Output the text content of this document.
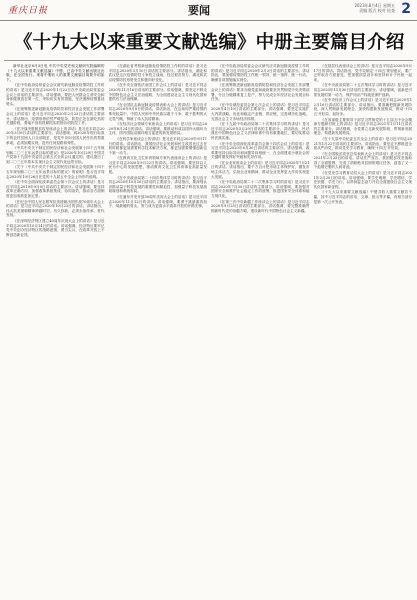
重庆日报	要闻	2023年8月4日 星期五
责编 版式 校对 检查 2
《十九大以来重要文献选编》中册主要篇目介绍

新华社北京8月3日电 中共中央党史和文献研究院编辑的《十九大以来重要文献选编》中册，已由中央文献出版社出版，在全国发行。现将中册收入的重要文献篇目简要介绍如下。

《在中央政治局常委会会议研究新冠肺炎疫情防控工作时的讲话》是习近平同志2020年1月22日在中央政治局常委会会议上讲话的主要部分。讲话强调，要把人民群众生命安全和身体健康放在第一位，采取切实有效措施，坚决遏制疫情蔓延势头。

《在统筹推进新冠肺炎疫情防控和经济社会发展工作部署会议上的讲话》是习近平同志2020年2月23日讲话的主要部分。讲话指出，疫情形势依然严峻复杂，防控正处在最吃劲的关键阶段，要毫不放松抓紧抓实抓细各项防控工作。

《在决战决胜脱贫攻坚座谈会上的讲话》是习近平同志2020年3月6日讲话的主要部分。讲话强调，到2020年现行标准下的农村贫困人口全部脱贫，是党中央向全国人民作出的郑重承诺，必须如期实现，没有任何退路和弹性。

《中共中央关于制定国民经济和社会发展第十四个五年规划和二〇三五年远景目标的建议》是2020年10月29日中国共产党第十九届中央委员会第五次全体会议通过的。建议提出了到二〇三五年基本实现社会主义现代化远景目标。

《关于〈中共中央关于制定国民经济和社会发展第十四个五年规划和二〇三五年远景目标的建议〉的说明》是习近平同志2020年10月26日在党的十九届五中全会上所作的说明。

《在中央全面深化改革委员会第十次会议上的讲话》是习近平同志2019年9月9日讲话的主要部分。讲话强调，要坚持改革正确方向，加强改革系统集成、协同高效，推动各方面制度更加成熟更加定型。

《在纪念中国人民志愿军抗美援朝出国作战70周年大会上的讲话》是习近平同志2020年10月23日的讲话。讲话指出，伟大抗美援朝精神跨越时空、历久弥新，必须永续传承、世代发扬。

《在深圳经济特区建立40周年庆祝大会上的讲话》是习近平同志2020年10月14日的讲话。讲话强调，经济特区要牢记党中央创办经济特区的战略意图，勇当尖兵，在改革开放上不断创造新业绩。

《在湖北省考察新冠肺炎疫情防控工作时的讲话》是习近平同志2020年3月10日讲话的主要部分。讲话指出，湖北和武汉是这次疫情防控斗争的主战场，经过艰苦努力，湖北和武汉疫情防控形势发生积极向好变化。

《在中央全面依法治国工作会议上的讲话》是习近平同志2020年11月16日讲话的主要部分。讲话强调，要坚定不移走中国特色社会主义法治道路，为全面建设社会主义现代化国家提供有力法治保障。

《在全国抗击新冠肺炎疫情表彰大会上的讲话》是习近平同志2020年9月8日的讲话。讲话指出，在这场同严重疫情的殊死较量中，中国人民和中华民族以敢于斗争、敢于胜利的大无畏气概，铸就了伟大抗疫精神。

《在经济社会领域专家座谈会上的讲话》是习近平同志2020年8月24日的讲话。讲话强调，要推动形成以国内大循环为主体、国内国际双循环相互促进的新发展格局。

《在科学家座谈会上的讲话》是习近平同志2020年9月11日的讲话。讲话指出，我国经济社会发展和民生改善比过去任何时候都更加需要科学技术解决方案，都更加需要增强创新这个第一动力。

《在教育文化卫生体育领域专家代表座谈会上的讲话》是习近平同志2020年9月22日的讲话。讲话强调，要坚持以人民为中心的发展思想，推动教育文化卫生体育事业高质量发展。

《在中央政治局第二十四次集体学习时的讲话》是习近平同志2020年10月16日讲话的主要部分。讲话指出，要深刻认识推动量子科技发展的重要性和紧迫性，加强量子科技发展战略谋划和系统布局。

《在浦东开发开放30周年庆祝大会上的讲话》是习近平同志2020年11月12日的讲话。讲话强调，要勇于挑最重的担子、啃最硬的骨头，努力成为更高水平改革开放的开路先锋。

《在中央政治局常委会会议研究应对新冠肺炎疫情工作时的讲话》是习近平同志2020年2月3日讲话的主要部分。讲话指出，要加强疫情防控工作统一领导、统一指挥、统一行动，确保各项措施落实到位。

《在统筹推进新冠肺炎疫情防控和经济社会发展工作部署会议上的讲话》要求各级党委和政府要坚决贯彻党中央决策部署，分区分级精准复工复产，努力完成全年经济社会发展目标任务。

《在中央财经委员会第七次会议上的讲话》是习近平同志2020年4月10日讲话的主要部分。讲话强调，要坚定实施扩大内需战略，优化和稳定产业链、供应链，完善城市化战略，完善社会主义市场经济体制。

《在十九届中央政治局第二十次集体学习时的讲话》是习近平同志2020年5月29日讲话的主要部分。讲话指出，民法典在中国特色社会主义法律体系中具有重要地位，要切实推动民法典实施。

《在中央全面深化改革委员会第十四次会议上的讲话》是习近平同志2020年6月30日讲话的主要部分。讲话强调，改革要坚持目标导向和问题导向相统一，在全面建成小康社会的关键时期发挥好突破和先导作用。

《在企业家座谈会上的讲话》是习近平同志2020年7月21日的讲话。讲话指出，要千方百计把市场主体保护好，激发市场主体活力，弘扬企业家精神，推动企业发挥更大作用实现更大发展。

《在中央政治局第二十二次集体学习时的讲话》是习近平同志2020年7月30日讲话的主要部分。讲话强调，要加强对国家安全和维护社会稳定工作的统筹，推进国家安全体系和能力现代化。

《在第三次中央新疆工作座谈会上的讲话》是习近平同志2020年9月25日讲话的主要部分。讲话强调，要完整准确贯彻新时代党的治疆方略，建设新时代中国特色社会主义新疆。

《在基层代表座谈会上的讲话》是习近平同志2020年9月17日的讲话。讲话指出，党中央制定'十四五'规划建议，要广泛听取各方面意见，把加强顶层设计和坚持问计于民统一起来。

《在中央政治局第二十五次集体学习时的讲话》是习近平同志2020年11月30日讲话的主要部分。讲话强调，创新是引领发展的第一动力，保护知识产权就是保护创新。

《在中央经济工作会议上的讲话》是习近平同志2020年12月16日讲话的主要部分。讲话指出，要准确把握新发展阶段，深入贯彻新发展理念，加快构建新发展格局，推动'十四五'开好局、起好步。

《在省部级主要领导干部学习贯彻党的十九届五中全会精神专题研讨班上的讲话》是习近平同志2021年1月11日讲话的主要部分。讲话强调，全党要立足新发展阶段、贯彻新发展理念、构建新发展格局。

《在十九届中央纪委五次全会上的讲话》是习近平同志2021年1月22日讲话的主要部分。讲话指出，要坚定不移推进全面从严治党，推动党史学习教育，确保'十四五'开好局。

《在全国脱贫攻坚总结表彰大会上的讲话》是习近平同志2021年2月25日的讲话。讲话庄严宣告，我国脱贫攻坚战取得了全面胜利，完成了消除绝对贫困的艰巨任务，创造了又一个彪炳史册的人间奇迹。

《在党史学习教育动员大会上的讲话》是习近平同志2021年2月20日的讲话。讲话强调，要学史明理、学史增信、学史崇德、学史力行，以昂扬姿态奋力开启全面建设社会主义现代化国家新征程。

《十九大以来重要文献选编》中册共收入重要文献若干篇，其中习近平同志的讲话、文章、批示等多篇，有相当部分是第一次公开发表。
